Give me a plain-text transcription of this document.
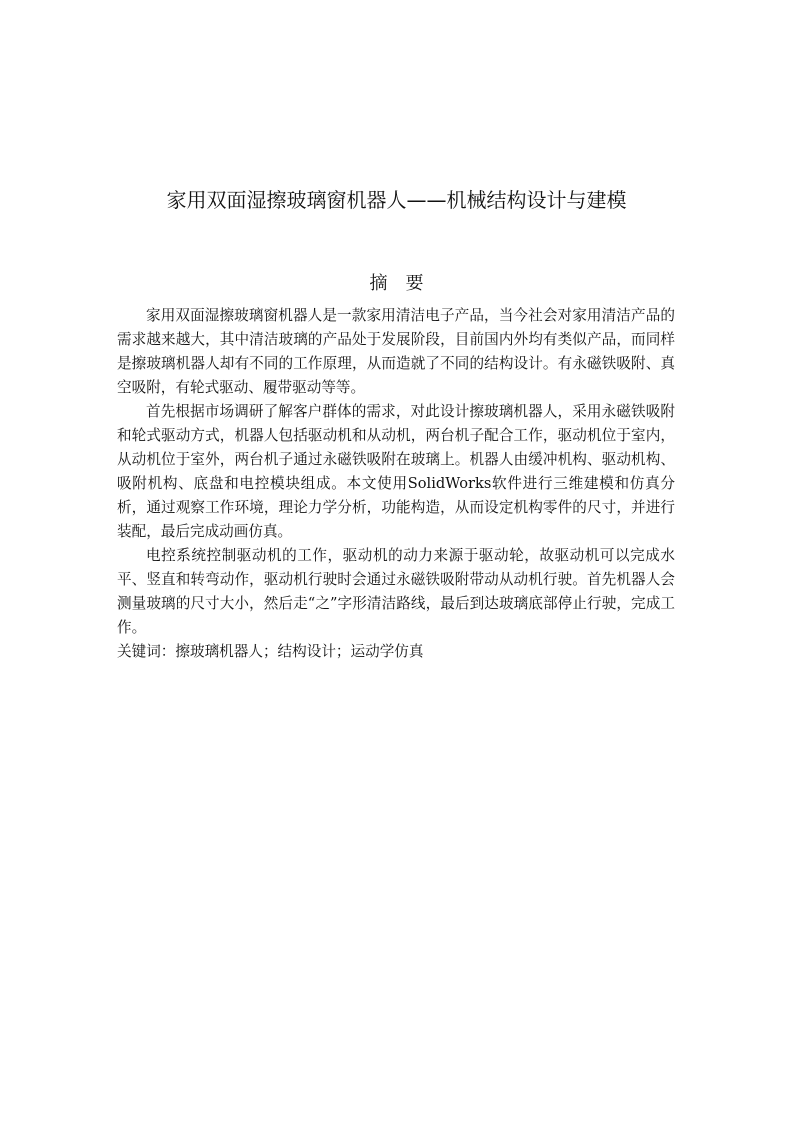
家用双面湿擦玻璃窗机器人——机械结构设计与建模
摘 要

家用双面湿擦玻璃窗机器人是一款家用清洁电子产品，当今社会对家用清洁产品的需求越来越大，其中清洁玻璃的产品处于发展阶段，目前国内外均有类似产品，而同样是擦玻璃机器人却有不同的工作原理，从而造就了不同的结构设计。有永磁铁吸附、真空吸附，有轮式驱动、履带驱动等等。

首先根据市场调研了解客户群体的需求，对此设计擦玻璃机器人，采用永磁铁吸附和轮式驱动方式，机器人包括驱动机和从动机，两台机子配合工作，驱动机位于室内，从动机位于室外，两台机子通过永磁铁吸附在玻璃上。机器人由缓冲机构、驱动机构、吸附机构、底盘和电控模块组成。本文使用SolidWorks软件进行三维建模和仿真分析，通过观察工作环境，理论力学分析，功能构造，从而设定机构零件的尺寸，并进行装配，最后完成动画仿真。

电控系统控制驱动机的工作，驱动机的动力来源于驱动轮，故驱动机可以完成水平、竖直和转弯动作，驱动机行驶时会通过永磁铁吸附带动从动机行驶。首先机器人会测量玻璃的尺寸大小，然后走“之”字形清洁路线，最后到达玻璃底部停止行驶，完成工作。

关键词：擦玻璃机器人；结构设计；运动学仿真
